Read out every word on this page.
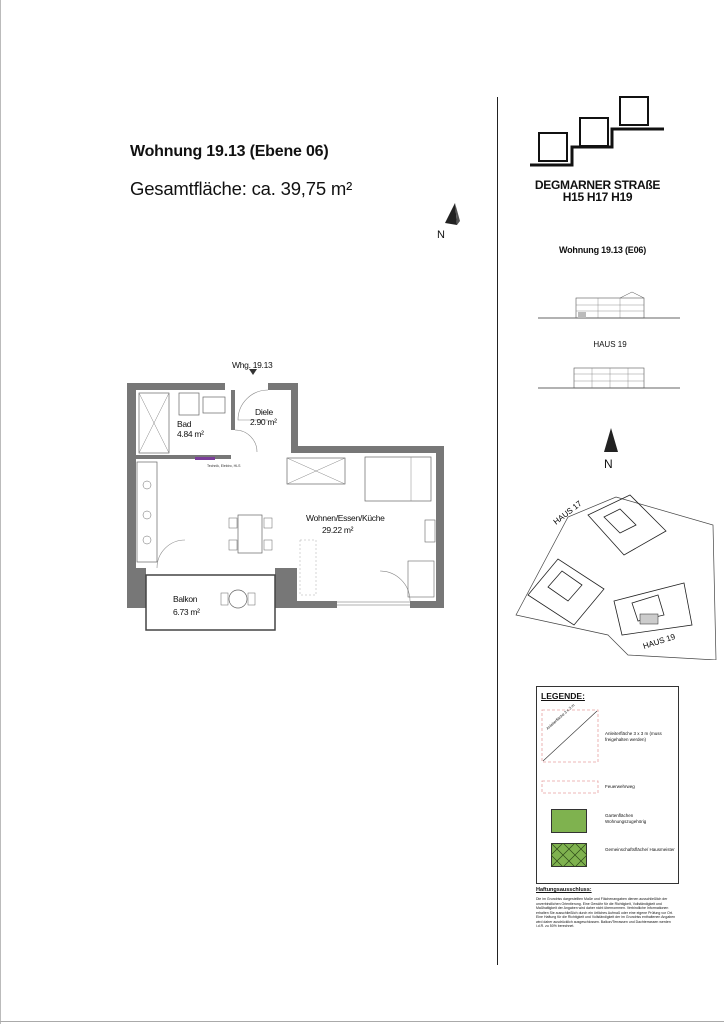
Wohnung 19.13 (Ebene 06)
Gesamtfläche: ca. 39,75 m²
N
Whg. 19.13
Bad
4.84 m²
Diele
2.90 m²
Wohnen/Essen/Küche
29.22 m²
Balkon
6.73 m²
Technik, Elektro, HLS
DEGMARNER STRAßE
H15 H17 H19
Wohnung 19.13 (E06)
HAUS 19
N
HAUS 17
HAUS 19
LEGENDE:
Anleiterfläche 3 x 3 m
Anleiterfläche 3 x 3 m (muss freigehalten werden)
Feuerwehrweg
Gartenflächen Wohnungszugehörig
Gemeinschaftsfläche/ Hausmeister
Haftungsausschluss:
Die im Grundriss dargestellten Maße und Flächenangaben dienen ausschließlich der unverbindlichen Orientierung. Eine Gewähr für die Richtigkeit, Vollständigkeit und Maßhaltigkeit der Angaben wird daher nicht übernommen. Verbindliche Informationen erhalten Sie ausschließlich durch ein örtliches Aufmaß oder eine eigene Prüfung vor Ort. Eine Haftung für die Richtigkeit und Vollständigkeit der im Grundriss enthaltenen Angaben wird daher ausdrücklich ausgeschlossen. Balkon/Terrassen und Dachterrassen werden i.d.R. zu 50% berechnet.
